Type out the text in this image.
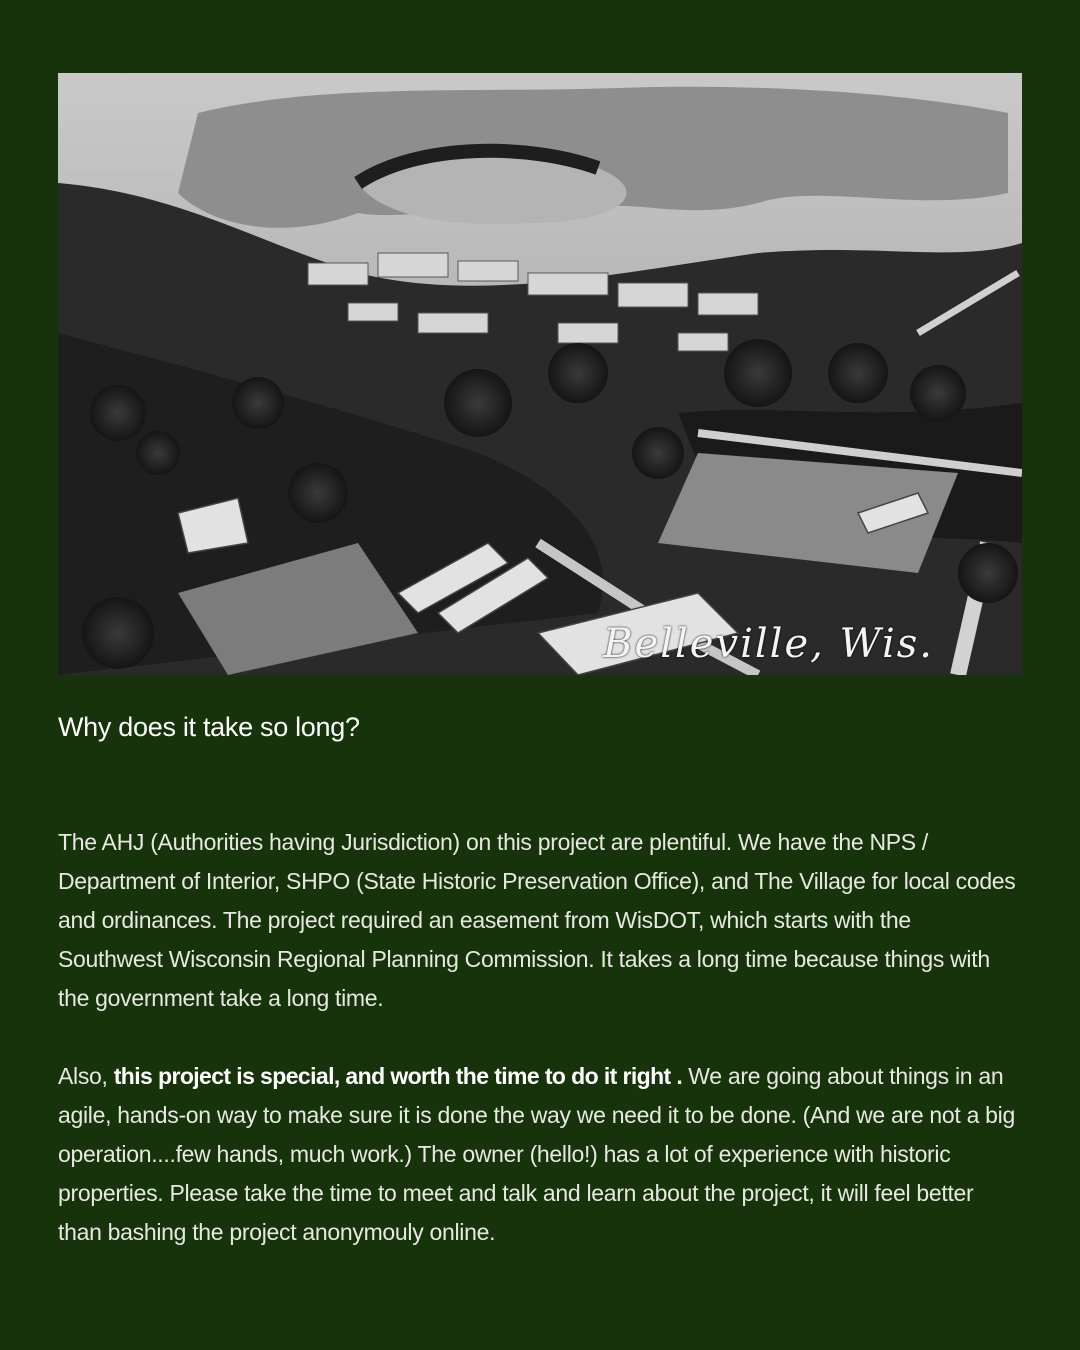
Belleville, Wis.
Why does it take so long?

The AHJ (Authorities having Jurisdiction) on this project are plentiful. We have the NPS / Department of Interior, SHPO (State Historic Preservation Office), and The Village for local codes and ordinances. The project required an easement from WisDOT, which starts with the Southwest Wisconsin Regional Planning Commission. It takes a long time because things with the government take a long time.

Also, this project is special, and worth the time to do it right . We are going about things in an agile, hands-on way to make sure it is done the way we need it to be done. (And we are not a big operation....few hands, much work.) The owner (hello!) has a lot of experience with historic properties. Please take the time to meet and talk and learn about the project, it will feel better than bashing the project anonymouly online.
